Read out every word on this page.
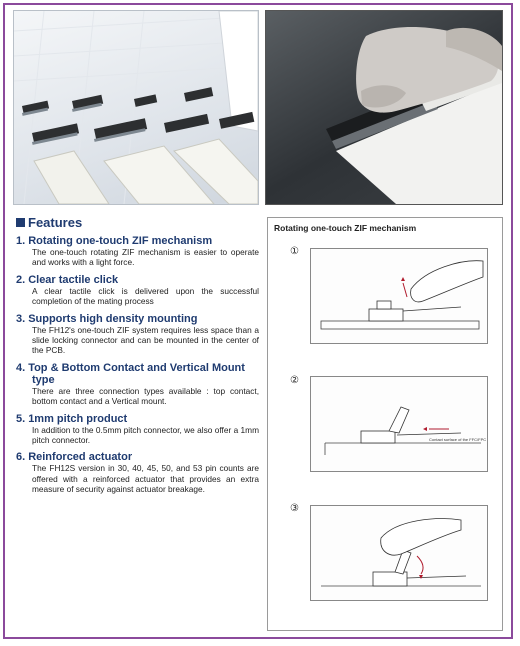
Features
1. Rotating one-touch ZIF mechanism
The one-touch rotating ZIF mechanism is easier to operate and works with a light force.
2. Clear tactile click
A clear tactile click is delivered upon the successful completion of the mating process
3. Supports high density mounting
The FH12's one-touch ZIF system requires less space than a slide locking connector and can be mounted in the center of the PCB.
4. Top & Bottom Contact and Vertical Mount type
There are three connection types available : top contact, bottom contact and a Vertical mount.
5. 1mm pitch product
In addition to the 0.5mm pitch connector, we also offer a 1mm pitch connector.
6. Reinforced actuator
The FH12S version in 30, 40, 45, 50, and 53 pin counts are offered with a reinforced actuator that provides an extra measure of security against actuator breakage.
Rotating one-touch ZIF mechanism
①
②
Contact surface of the FFC/FPC
③
